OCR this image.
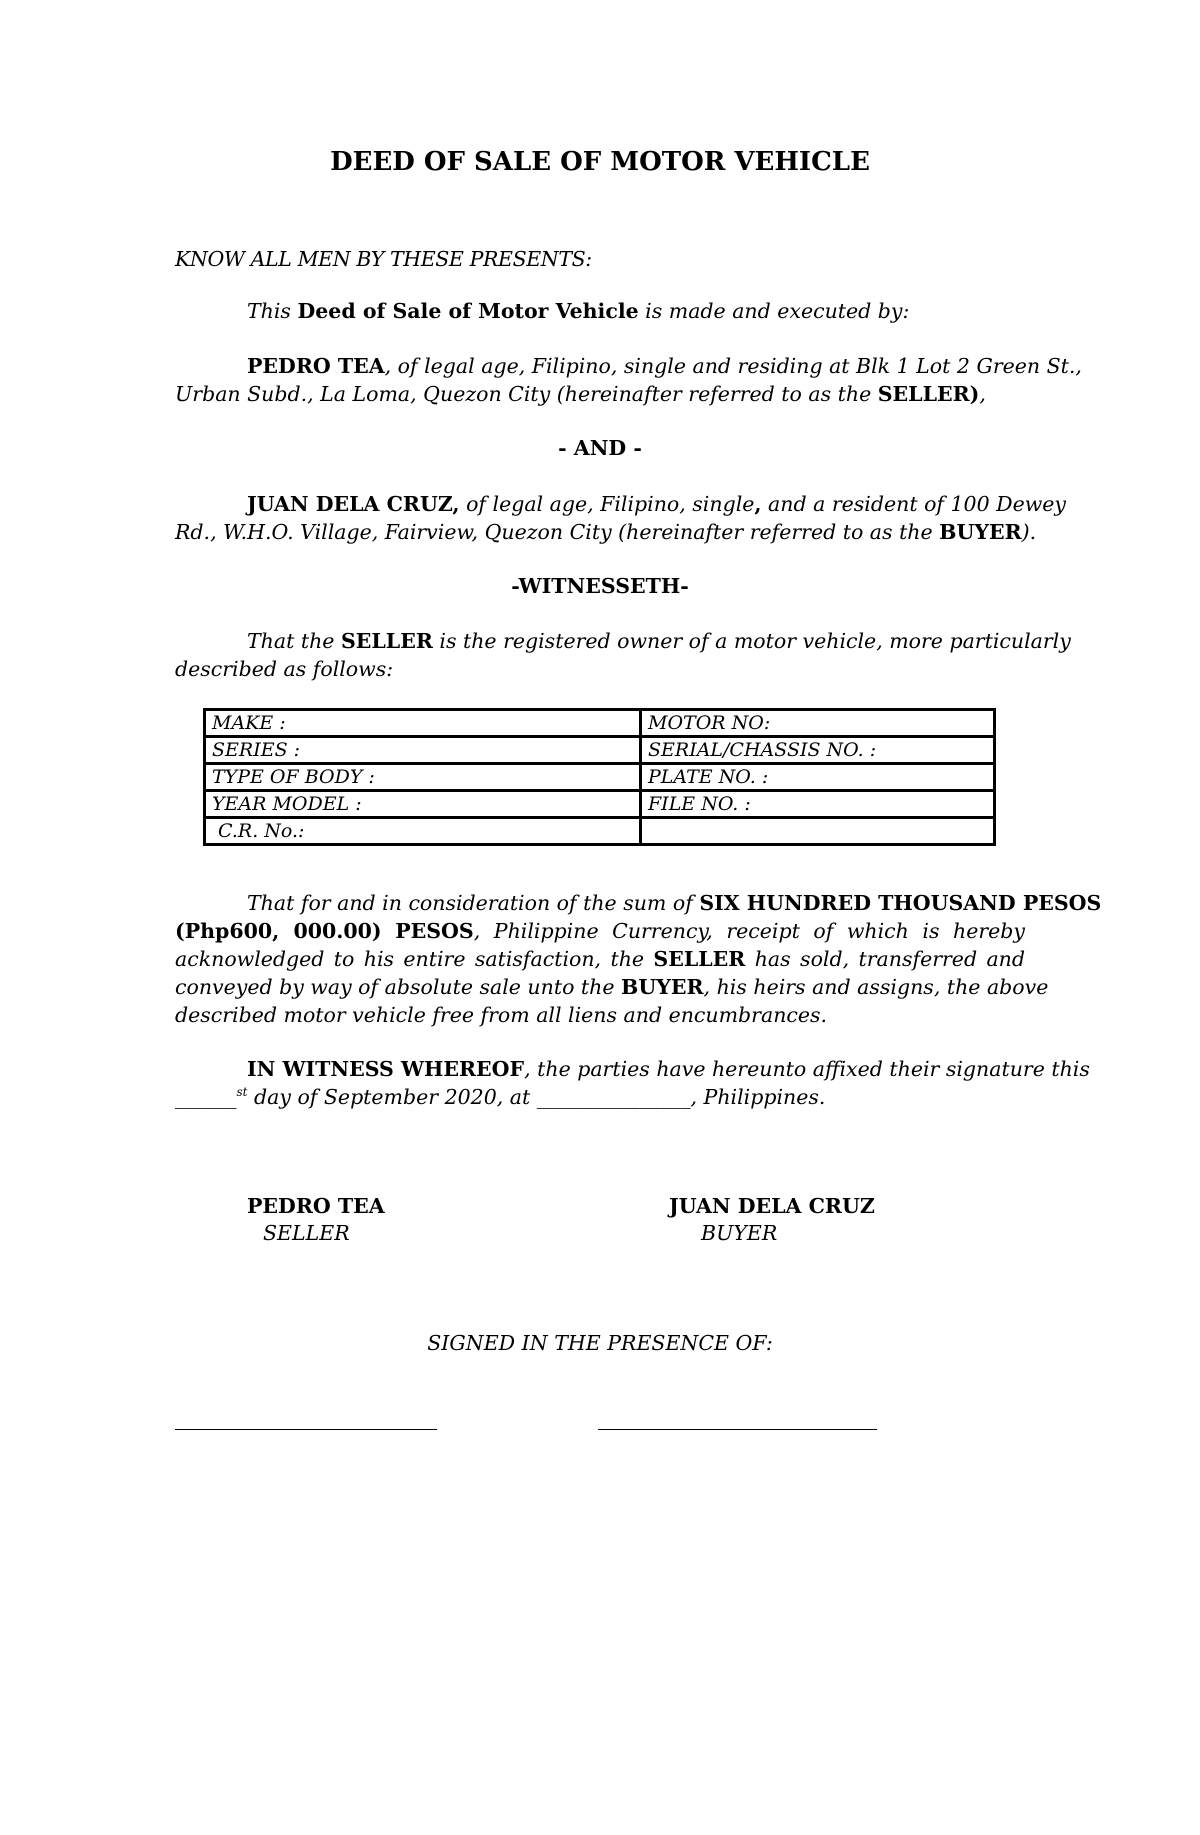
DEED OF SALE OF MOTOR VEHICLE
KNOW ALL MEN BY THESE PRESENTS:
This Deed of Sale of Motor Vehicle is made and executed by:
PEDRO TEA, of legal age, Filipino, single and residing at Blk 1 Lot 2 Green St.,
Urban Subd., La Loma, Quezon City (hereinafter referred to as the SELLER),
- AND -
JUAN DELA CRUZ, of legal age, Filipino, single, and a resident of 100 Dewey
Rd., W.H.O. Village, Fairview, Quezon City (hereinafter referred to as the BUYER).
-WITNESSETH-
That the SELLER is the registered owner of a motor vehicle, more particularly
described as follows:
MAKE :	MOTOR NO:
SERIES :	SERIAL/CHASSIS NO. :
TYPE OF BODY :	PLATE NO. :
YEAR MODEL :	FILE NO. :
C.R. No.:	
That for and in consideration of the sum of SIX HUNDRED THOUSAND PESOS
(Php600, 000.00) PESOS, Philippine Currency, receipt of which is hereby
acknowledged to his entire satisfaction, the SELLER has sold, transferred and
conveyed by way of absolute sale unto the BUYER, his heirs and assigns, the above
described motor vehicle free from all liens and encumbrances.
IN WITNESS WHEREOF, the parties have hereunto affixed their signature this
______$^{st}$ day of September 2020, at _______________, Philippines.
PEDRO TEA
SELLER
JUAN DELA CRUZ
BUYER
SIGNED IN THE PRESENCE OF:
